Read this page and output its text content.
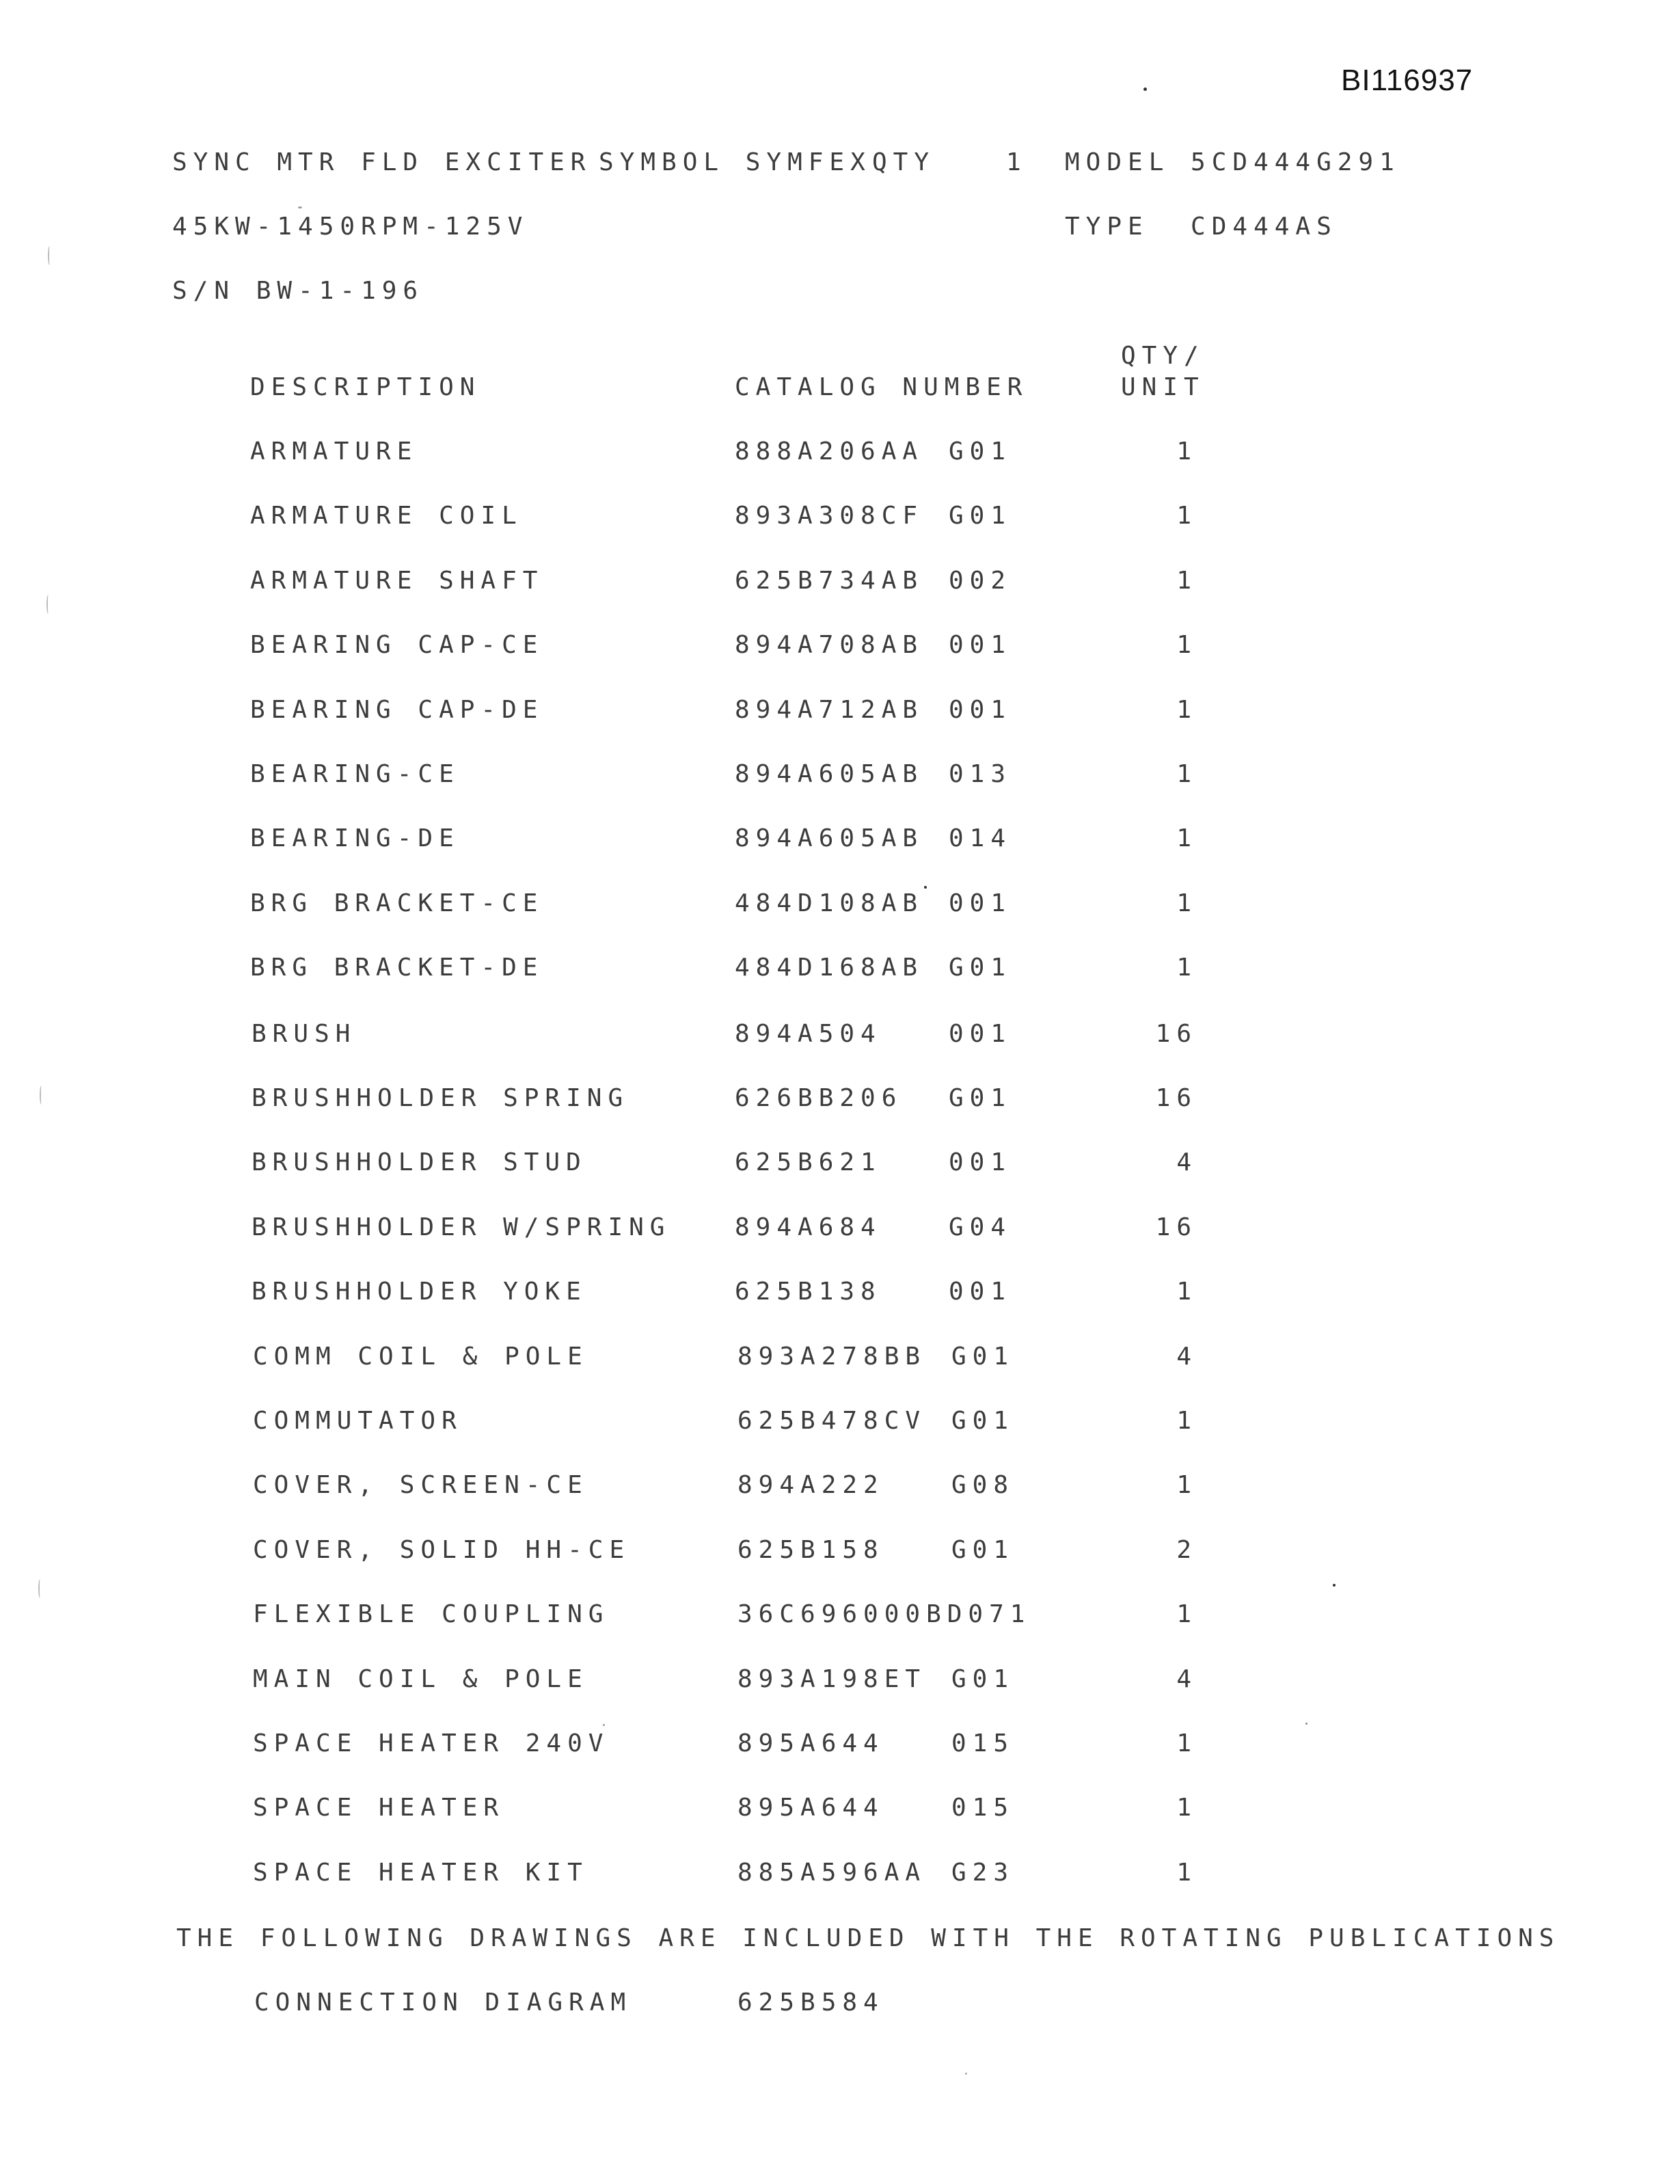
BI116937
SYNC MTR FLD EXCITER SYMBOL SYMFEX QTY	1 MODEL 5CD444G291
45KW-1450RPM-125V	TYPE  CD444AS
S/N BW-1-196
QTY/
DESCRIPTION	CATALOG NUMBER	UNIT
ARMATURE	888A206AA G01	1
ARMATURE COIL	893A308CF G01	1
ARMATURE SHAFT	625B734AB 002	1
BEARING CAP-CE	894A708AB 001	1
BEARING CAP-DE	894A712AB 001	1
BEARING-CE	894A605AB 013	1
BEARING-DE	894A605AB 014	1
BRG BRACKET-CE	484D108AB 001	1
BRG BRACKET-DE	484D168AB G01	1
BRUSH	894A504	001	16
BRUSHHOLDER SPRING	626BB206 G01	16
BRUSHHOLDER STUD	625B621	001	4
BRUSHHOLDER W/SPRING	894A684	G04	16
BRUSHHOLDER YOKE	625B138	001	1
COMM COIL & POLE	893A278BB G01	4
COMMUTATOR	625B478CV G01	1
COVER, SCREEN-CE	894A222	G08	1
COVER, SOLID HH-CE	625B158	G01	2
FLEXIBLE COUPLING	36C696000BD071	1
MAIN COIL & POLE	893A198ET G01	4
SPACE HEATER 240V	895A644	015	1
SPACE HEATER	895A644	015	1
SPACE HEATER KIT	885A596AA G23	1
THE FOLLOWING DRAWINGS ARE INCLUDED WITH THE ROTATING PUBLICATIONS
CONNECTION DIAGRAM	625B584
